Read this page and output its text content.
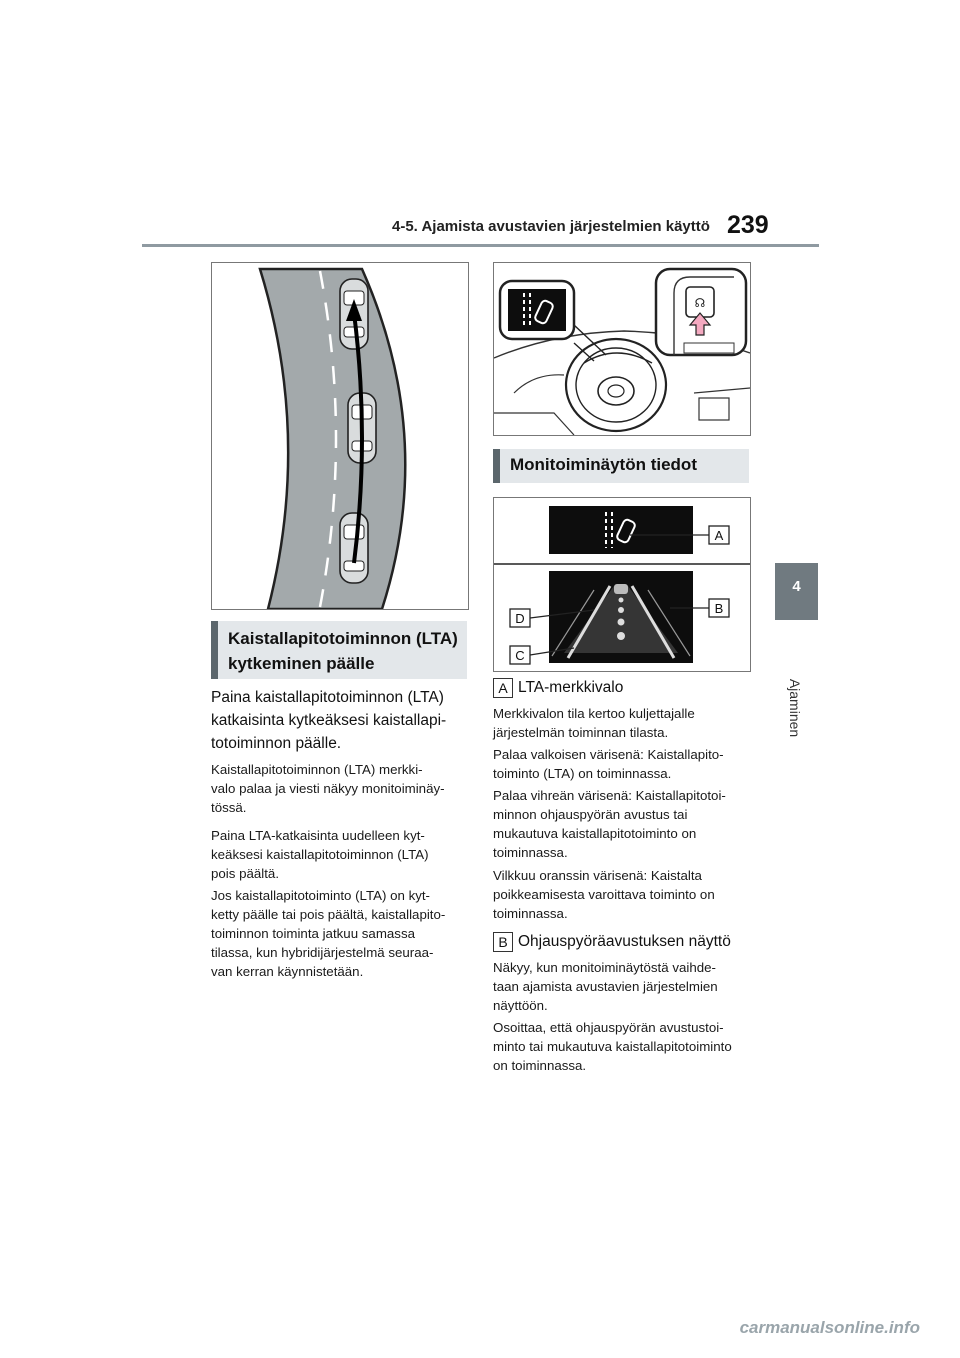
4-5. Ajamista avustavien järjestelmien käyttö 239
4
Ajaminen
Kaistallapitotoiminnon (LTA)
kytkeminen päälle
Paina kaistallapitotoiminnon (LTA)
katkaisinta kytkeäksesi kaistallapi-
totoiminnon päälle.
Kaistallapitotoiminnon (LTA) merkki-
valo palaa ja viesti näkyy monitoiminäy-
tössä.
Paina LTA-katkaisinta uudelleen kyt-
keäksesi kaistallapitotoiminnon (LTA)
pois päältä.
Jos kaistallapitotoiminto (LTA) on kyt-
ketty päälle tai pois päältä, kaistallapito-
toiminnon toiminta jatkuu samassa
tilassa, kun hybridijärjestelmä seuraa-
van kerran käynnistetään.
☊
Monitoiminäytön tiedot
A
B
D
C
A LTA-merkkivalo
Merkkivalon tila kertoo kuljettajalle
järjestelmän toiminnan tilasta.
Palaa valkoisen värisenä: Kaistallapito-
toiminto (LTA) on toiminnassa.
Palaa vihreän värisenä: Kaistallapitotoi-
minnon ohjauspyörän avustus tai
mukautuva kaistallapitotoiminto on
toiminnassa.
Vilkkuu oranssin värisenä: Kaistalta
poikkeamisesta varoittava toiminto on
toiminnassa.
B Ohjauspyöräavustuksen näyttö
Näkyy, kun monitoiminäytöstä vaihde-
taan ajamista avustavien järjestelmien
näyttöön.
Osoittaa, että ohjauspyörän avustustoi-
minto tai mukautuva kaistallapitotoiminto
on toiminnassa.
carmanualsonline.info
